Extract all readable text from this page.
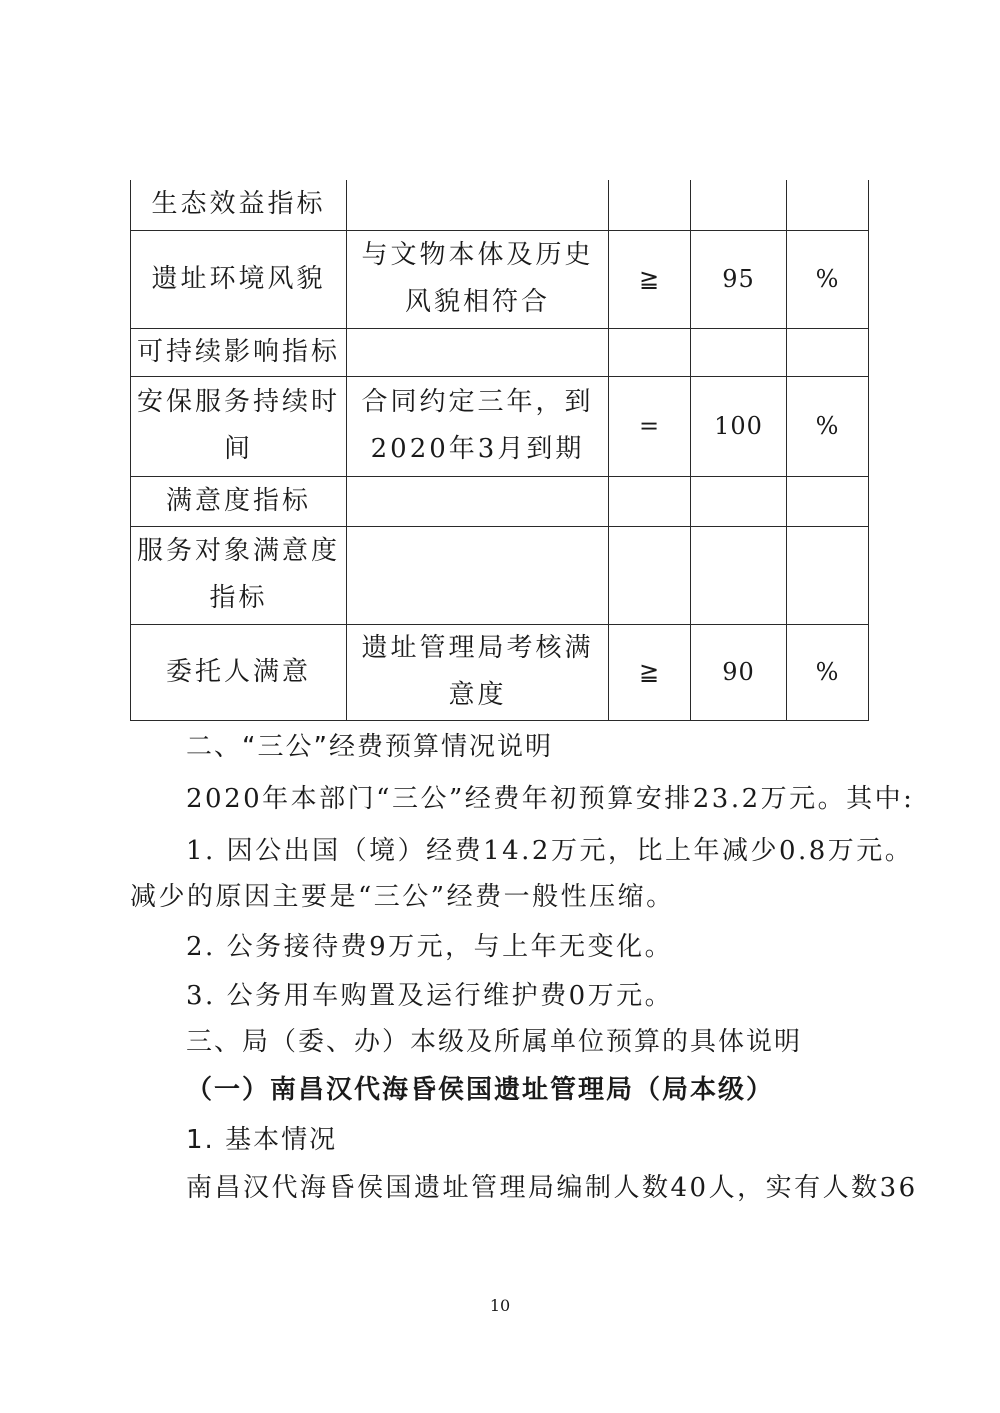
生态效益指标				
遗址环境风貌	与文物本体及历史风貌相符合	≧	95	%
可持续影响指标				
安保服务持续时间	合同约定三年，到2020年3月到期	=	100	%
满意度指标				
服务对象满意度指标				
委托人满意	遗址管理局考核满意度	≧	90	%
二、“三公”经费预算情况说明
2020年本部门“三公”经费年初预算安排23.2万元。其中:
1. 因公出国（境）经费14.2万元，比上年减少0.8万元。
减少的原因主要是“三公”经费一般性压缩。
2. 公务接待费9万元，与上年无变化。
3. 公务用车购置及运行维护费0万元。
三、局（委、办）本级及所属单位预算的具体说明
（一）南昌汉代海昏侯国遗址管理局（局本级）
1. 基本情况
南昌汉代海昏侯国遗址管理局编制人数40人，实有人数36
10
